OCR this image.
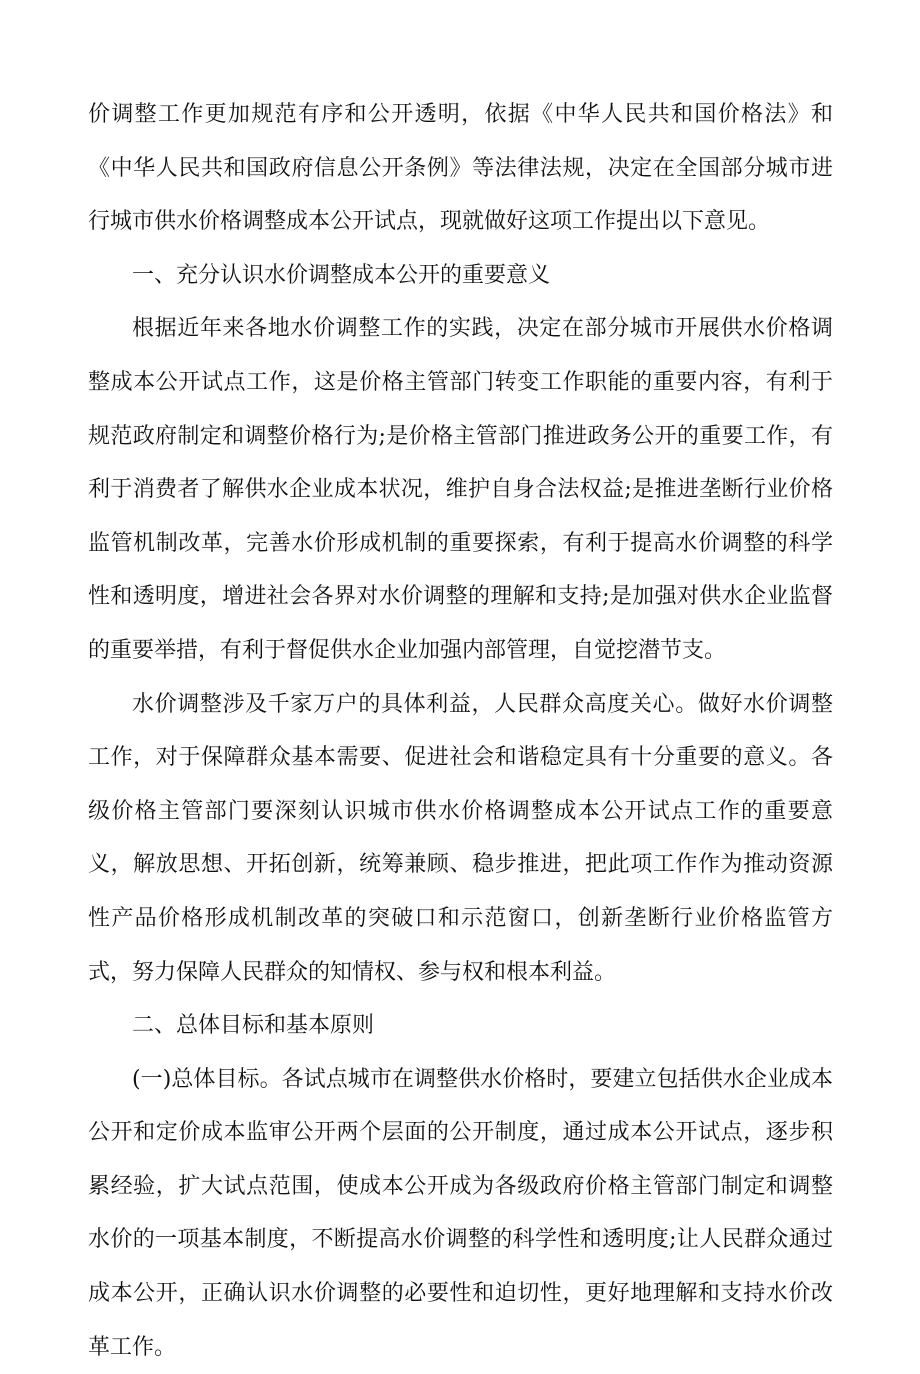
价调整工作更加规范有序和公开透明，依据《中华人民共和国价格法》和《中华人民共和国政府信息公开条例》等法律法规，决定在全国部分城市进行城市供水价格调整成本公开试点，现就做好这项工作提出以下意见。

一、充分认识水价调整成本公开的重要意义

根据近年来各地水价调整工作的实践，决定在部分城市开展供水价格调整成本公开试点工作，这是价格主管部门转变工作职能的重要内容，有利于规范政府制定和调整价格行为;是价格主管部门推进政务公开的重要工作，有利于消费者了解供水企业成本状况，维护自身合法权益;是推进垄断行业价格监管机制改革，完善水价形成机制的重要探索，有利于提高水价调整的科学性和透明度，增进社会各界对水价调整的理解和支持;是加强对供水企业监督的重要举措，有利于督促供水企业加强内部管理，自觉挖潜节支。

水价调整涉及千家万户的具体利益，人民群众高度关心。做好水价调整工作，对于保障群众基本需要、促进社会和谐稳定具有十分重要的意义。各级价格主管部门要深刻认识城市供水价格调整成本公开试点工作的重要意义，解放思想、开拓创新，统筹兼顾、稳步推进，把此项工作作为推动资源性产品价格形成机制改革的突破口和示范窗口，创新垄断行业价格监管方式，努力保障人民群众的知情权、参与权和根本利益。

二、总体目标和基本原则

(一)总体目标。各试点城市在调整供水价格时，要建立包括供水企业成本公开和定价成本监审公开两个层面的公开制度，通过成本公开试点，逐步积累经验，扩大试点范围，使成本公开成为各级政府价格主管部门制定和调整水价的一项基本制度，不断提高水价调整的科学性和透明度;让人民群众通过成本公开，正确认识水价调整的必要性和迫切性，更好地理解和支持水价改革工作。
